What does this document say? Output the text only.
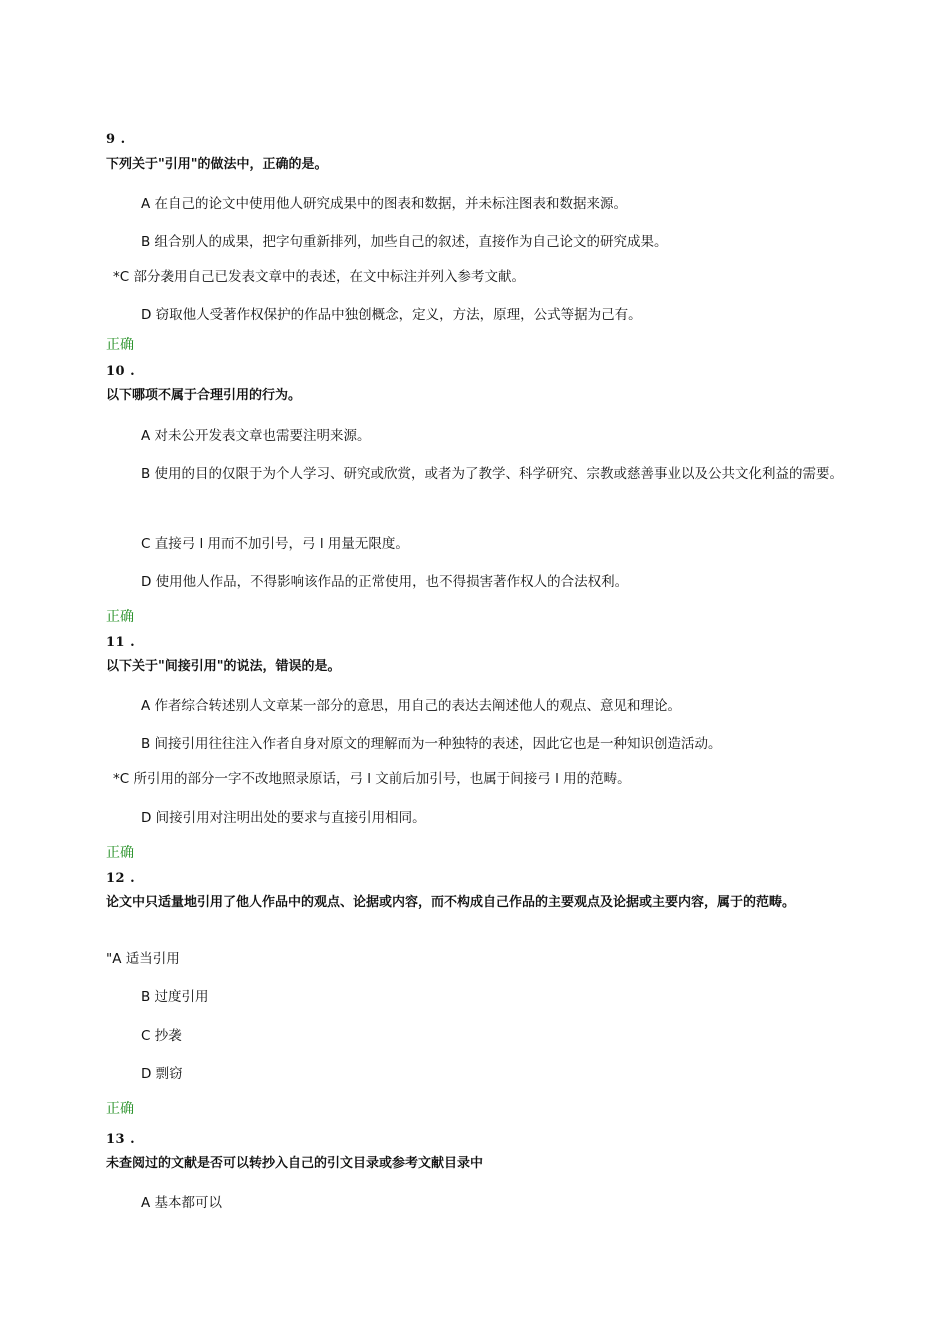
9 .
下列关于"引用"的做法中，正确的是。
A 在自己的论文中使用他人研究成果中的图表和数据，并未标注图表和数据来源。
B 组合别人的成果，把字句重新排列，加些自己的叙述，直接作为自己论文的研究成果。
*C 部分袭用自己已发表文章中的表述，在文中标注并列入参考文献。
D 窃取他人受著作权保护的作品中独创概念，定义，方法，原理，公式等据为己有。
正确
10 .
以下哪项不属于合理引用的行为。
A 对未公开发表文章也需要注明来源。
B 使用的目的仅限于为个人学习、研究或欣赏，或者为了教学、科学研究、宗教或慈善事业以及公共文化利益的需要。
C 直接弓 l 用而不加引号，弓 l 用量无限度。
D 使用他人作品，不得影响该作品的正常使用，也不得损害著作权人的合法权利。
正确
11 .
以下关于"间接引用"的说法，错误的是。
A 作者综合转述别人文章某一部分的意思，用自己的表达去阐述他人的观点、意见和理论。
B 间接引用往往注入作者自身对原文的理解而为一种独特的表述，因此它也是一种知识创造活动。
*C 所引用的部分一字不改地照录原话，弓 l 文前后加引号，也属于间接弓 l 用的范畴。
D 间接引用对注明出处的要求与直接引用相同。
正确
12 .
论文中只适量地引用了他人作品中的观点、论据或内容，而不构成自己作品的主要观点及论据或主要内容，属于的范畴。
"A 适当引用
B 过度引用
C 抄袭
D 剽窃
正确
13 .
未查阅过的文献是否可以转抄入自己的引文目录或参考文献目录中
A 基本都可以
